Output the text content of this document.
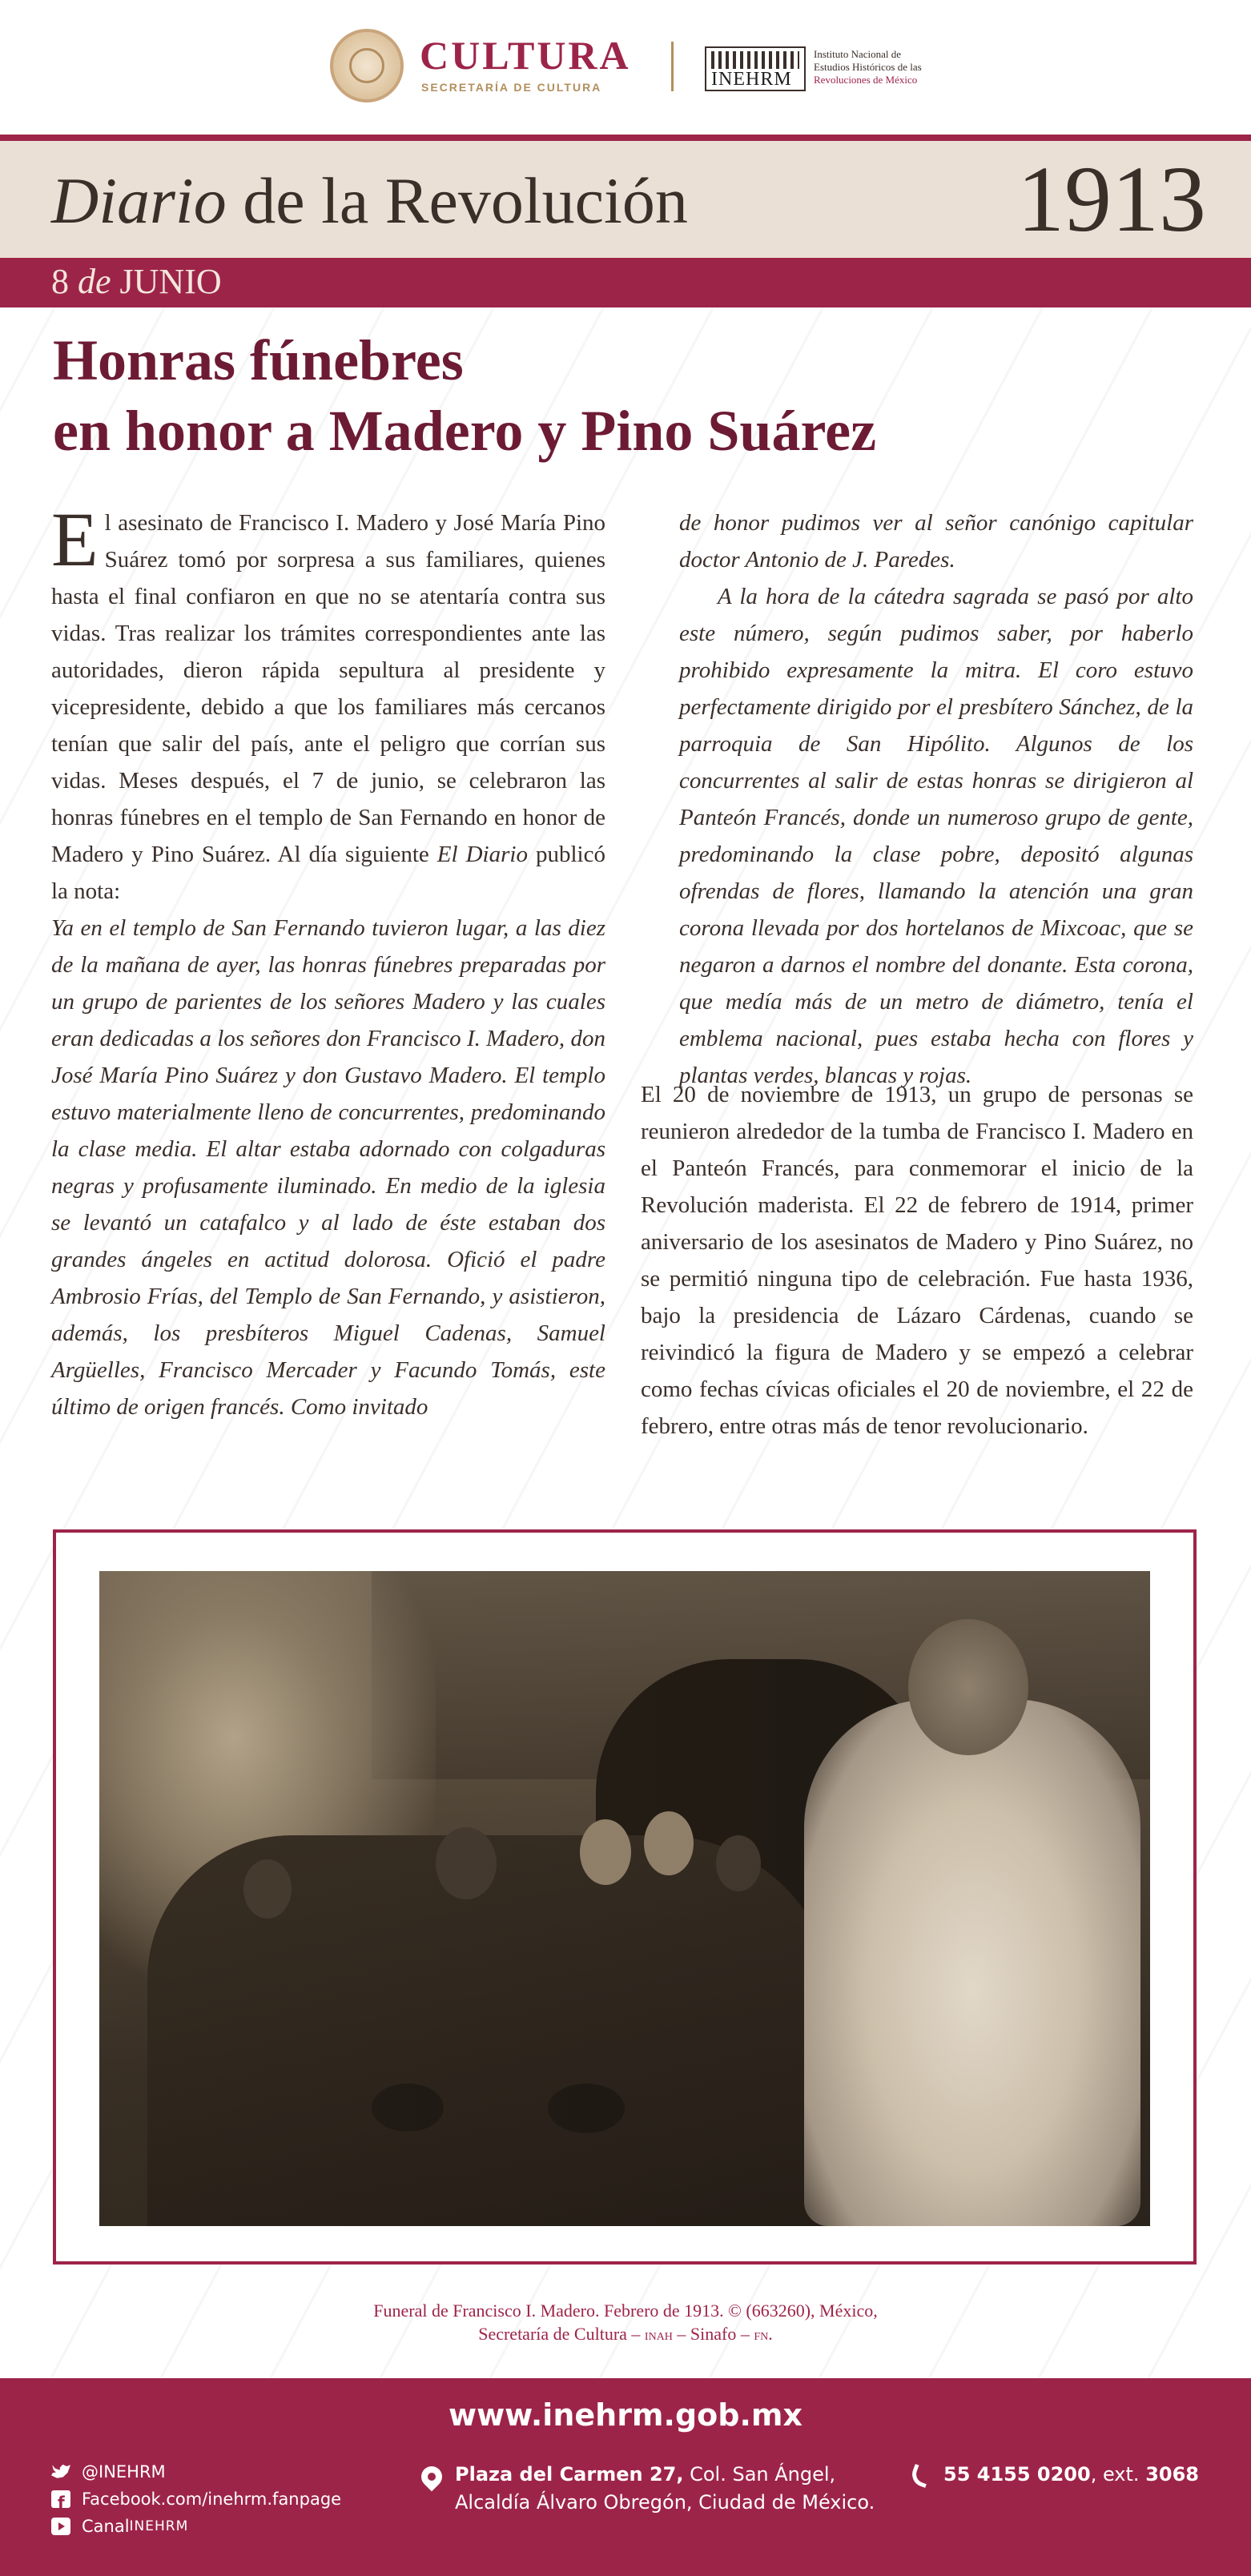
CULTURA
SECRETARÍA DE CULTURA	INEHRM
Instituto Nacional de
Estudios Históricos de las
Revoluciones de México
Diario de la Revolución	1913
8 de JUNIO
Honras fúnebres
en honor a Madero y Pino Suárez

El asesinato de Francisco I. Madero y José María Pino Suárez tomó por sorpresa a sus familiares, quienes hasta el final confiaron en que no se atentaría contra sus vidas. Tras realizar los trámites correspondientes ante las autoridades, dieron rápida sepultura al presidente y vicepresidente, debido a que los familiares más cercanos tenían que salir del país, ante el peligro que corrían sus vidas. Meses después, el 7 de junio, se celebraron las honras fúnebres en el templo de San Fernando en honor de Madero y Pino Suárez. Al día siguiente El Diario publicó la nota:

Ya en el templo de San Fernando tuvieron lugar, a las diez de la mañana de ayer, las honras fúnebres preparadas por un grupo de parientes de los señores Madero y las cuales eran dedicadas a los señores don Francisco I. Madero, don José María Pino Suárez y don Gustavo Madero. El templo estuvo materialmente lleno de concurrentes, predominando la clase media. El altar estaba adornado con colgaduras negras y profusamente iluminado. En medio de la iglesia se levantó un catafalco y al lado de éste estaban dos grandes ángeles en actitud dolorosa. Ofició el padre Ambrosio Frías, del Templo de San Fernando, y asistieron, además, los presbíteros Miguel Cadenas, Samuel Argüelles, Francisco Mercader y Facundo Tomás, este último de origen francés. Como invitado

de honor pudimos ver al señor canónigo capitular doctor Antonio de J. Paredes.

A la hora de la cátedra sagrada se pasó por alto este número, según pudimos saber, por haberlo prohibido expresamente la mitra. El coro estuvo perfectamente dirigido por el presbítero Sánchez, de la parroquia de San Hipólito. Algunos de los concurrentes al salir de estas honras se dirigieron al Panteón Francés, donde un numeroso grupo de gente, predominando la clase pobre, depositó algunas ofrendas de flores, llamando la atención una gran corona llevada por dos hortelanos de Mixcoac, que se negaron a darnos el nombre del donante. Esta corona, que medía más de un metro de diámetro, tenía el emblema nacional, pues estaba hecha con flores y plantas verdes, blancas y rojas.

El 20 de noviembre de 1913, un grupo de personas se reunieron alrededor de la tumba de Francisco I. Madero en el Panteón Francés, para conmemorar el inicio de la Revolución maderista. El 22 de febrero de 1914, primer aniversario de los asesinatos de Madero y Pino Suárez, no se permitió ninguna tipo de celebración. Fue hasta 1936, bajo la presidencia de Lázaro Cárdenas, cuando se reivindicó la figura de Madero y se empezó a celebrar como fechas cívicas oficiales el 20 de noviembre, el 22 de febrero, entre otras más de tenor revolucionario.

Funeral de Francisco I. Madero. Febrero de 1913. © (663260), México,
Secretaría de Cultura – inah – Sinafo – fn.
www.inehrm.gob.mx
@INEHRM
f
Facebook.com/inehrm.fanpage
Canal INEHRM
Plaza del Carmen 27, Col. San Ángel,
Alcaldía Álvaro Obregón, Ciudad de México.
55 4155 0200, ext. 3068
